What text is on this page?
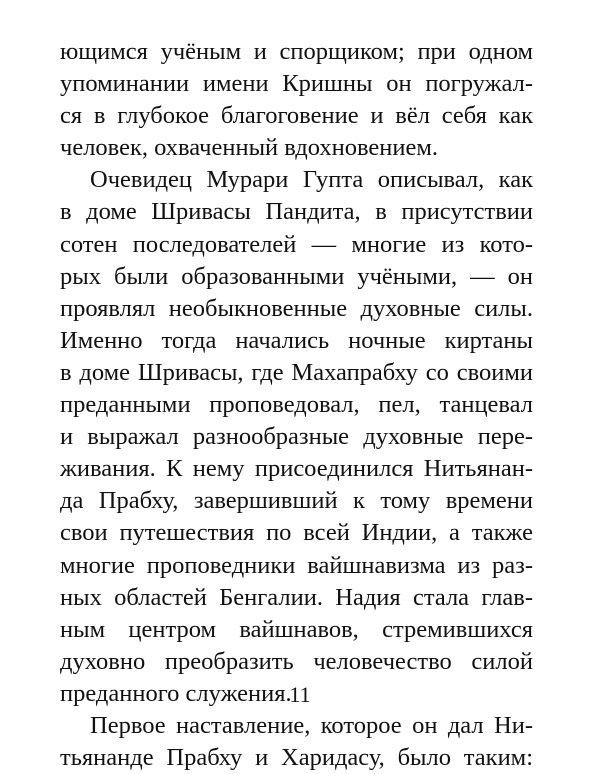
ющимся учёным и спорщиком; при одном
упоминании имени Кришны он погружал-
ся в глубокое благоговение и вёл себя как
человек, охваченный вдохновением.
Очевидец Мурари Гупта описывал, как
в доме Шривасы Пандита, в присутствии
сотен последователей — многие из кото-
рых были образованными учёными, — он
проявлял необыкновенные духовные силы.
Именно тогда начались ночные киртаны
в доме Шривасы, где Махапрабху со своими
преданными проповедовал, пел, танцевал
и выражал разнообразные духовные пере-
живания. К нему присоединился Нитьянан-
да Прабху, завершивший к тому времени
свои путешествия по всей Индии, а также
многие проповедники вайшнавизма из раз-
ных областей Бенгалии. Надия стала глав-
ным центром вайшнавов, стремившихся
духовно преобразить человечество силой
преданного служения.
Первое наставление, которое он дал Ни-
тьянанде Прабху и Харидасу, было таким:
11
